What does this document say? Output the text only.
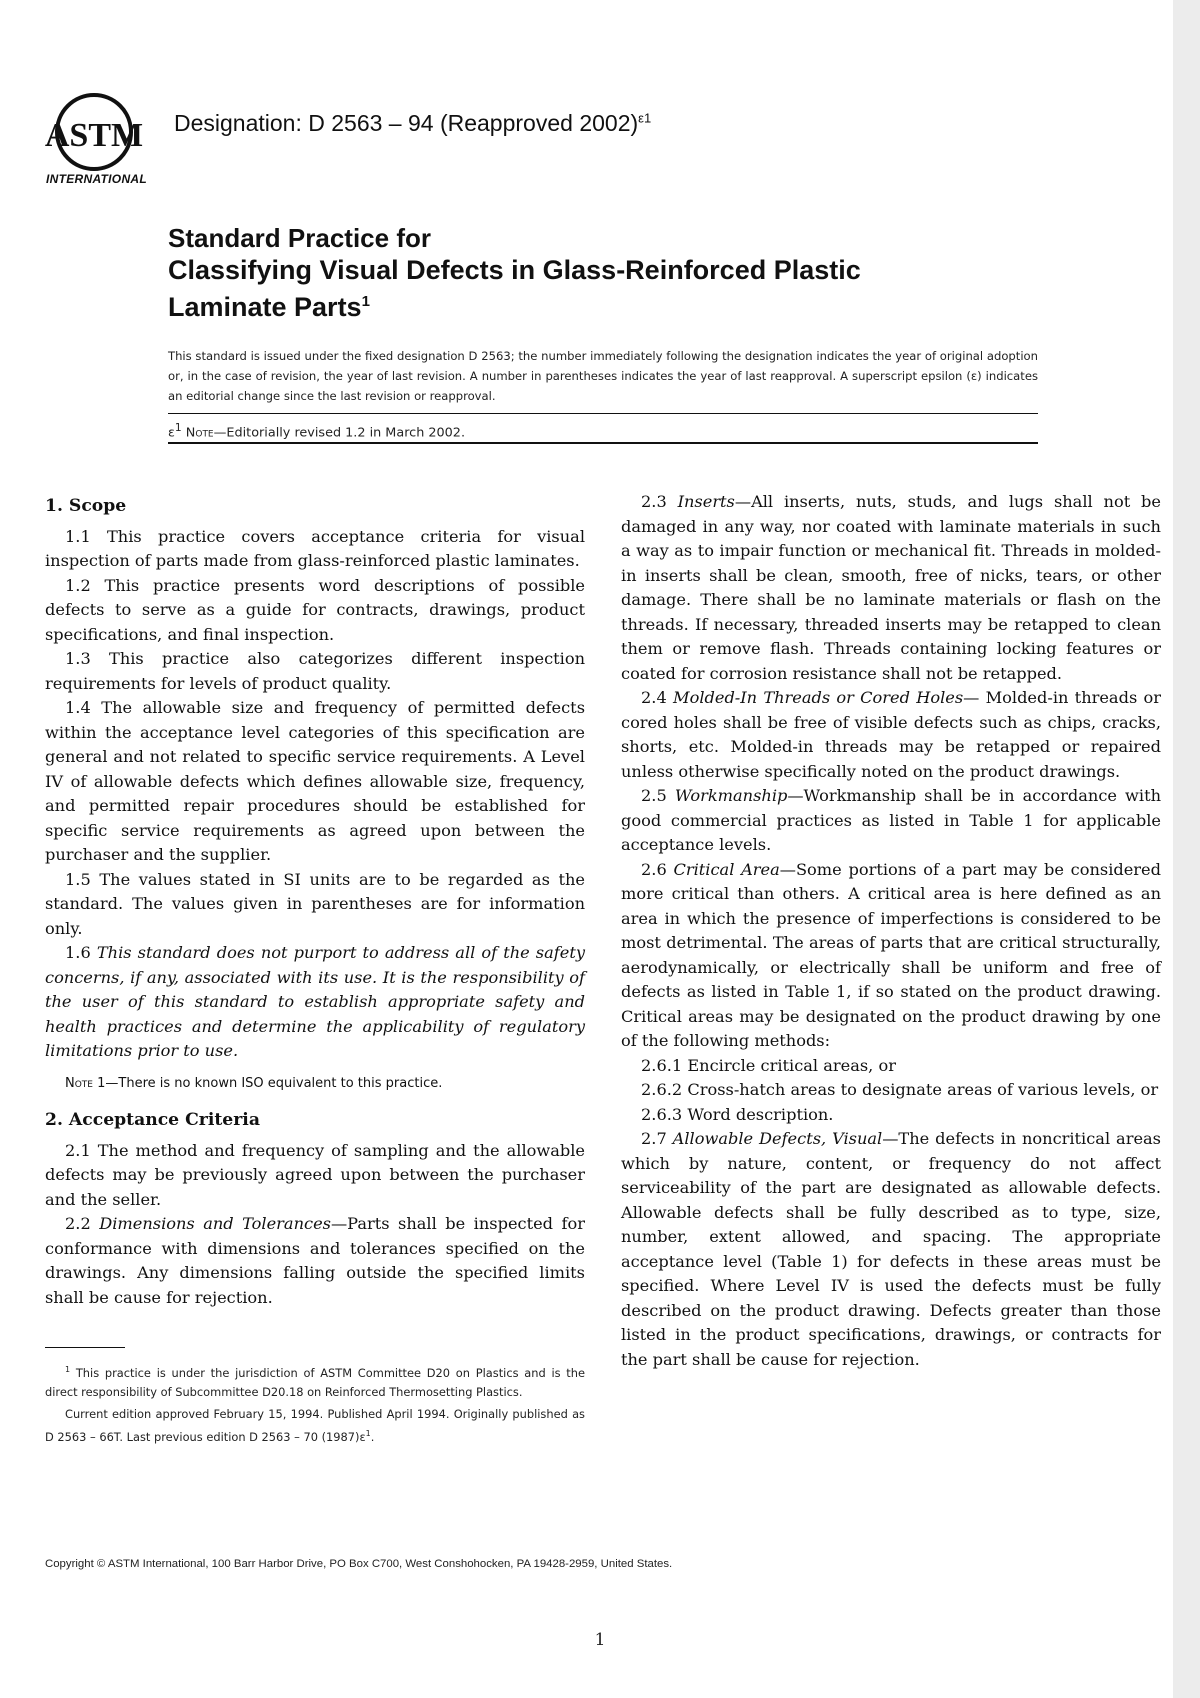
ASTM
INTERNATIONAL
Designation: D 2563 – 94 (Reapproved 2002)$^{\varepsilon 1}$
Standard Practice for
Classifying Visual Defects in Glass-Reinforced Plastic Laminate Parts$^1$
This standard is issued under the fixed designation D 2563; the number immediately following the designation indicates the year of original adoption or, in the case of revision, the year of last revision. A number in parentheses indicates the year of last reapproval. A superscript epsilon (ε) indicates an editorial change since the last revision or reapproval.
$\varepsilon^1$ Note—Editorially revised 1.2 in March 2002.
1. Scope

1.1 This practice covers acceptance criteria for visual inspection of parts made from glass-reinforced plastic laminates.

1.2 This practice presents word descriptions of possible defects to serve as a guide for contracts, drawings, product specifications, and final inspection.

1.3 This practice also categorizes different inspection requirements for levels of product quality.

1.4 The allowable size and frequency of permitted defects within the acceptance level categories of this specification are general and not related to specific service requirements. A Level IV of allowable defects which defines allowable size, frequency, and permitted repair procedures should be established for specific service requirements as agreed upon between the purchaser and the supplier.

1.5 The values stated in SI units are to be regarded as the standard. The values given in parentheses are for information only.

1.6 This standard does not purport to address all of the safety concerns, if any, associated with its use. It is the responsibility of the user of this standard to establish appropriate safety and health practices and determine the applicability of regulatory limitations prior to use.

Note 1—There is no known ISO equivalent to this practice.
2. Acceptance Criteria

2.1 The method and frequency of sampling and the allowable defects may be previously agreed upon between the purchaser and the seller.

2.2 Dimensions and Tolerances—Parts shall be inspected for conformance with dimensions and tolerances specified on the drawings. Any dimensions falling outside the specified limits shall be cause for rejection.

$^1$ This practice is under the jurisdiction of ASTM Committee D20 on Plastics and is the direct responsibility of Subcommittee D20.18 on Reinforced Thermosetting Plastics.

Current edition approved February 15, 1994. Published April 1994. Originally published as D 2563 – 66T. Last previous edition D 2563 – 70 $(1987)\varepsilon^1$.

2.3 Inserts—All inserts, nuts, studs, and lugs shall not be damaged in any way, nor coated with laminate materials in such a way as to impair function or mechanical fit. Threads in molded-in inserts shall be clean, smooth, free of nicks, tears, or other damage. There shall be no laminate materials or flash on the threads. If necessary, threaded inserts may be retapped to clean them or remove flash. Threads containing locking features or coated for corrosion resistance shall not be retapped.

2.4 Molded-In Threads or Cored Holes— Molded-in threads or cored holes shall be free of visible defects such as chips, cracks, shorts, etc. Molded-in threads may be retapped or repaired unless otherwise specifically noted on the product drawings.

2.5 Workmanship—Workmanship shall be in accordance with good commercial practices as listed in Table 1 for applicable acceptance levels.

2.6 Critical Area—Some portions of a part may be considered more critical than others. A critical area is here defined as an area in which the presence of imperfections is considered to be most detrimental. The areas of parts that are critical structurally, aerodynamically, or electrically shall be uniform and free of defects as listed in Table 1, if so stated on the product drawing. Critical areas may be designated on the product drawing by one of the following methods:

2.6.1 Encircle critical areas, or

2.6.2 Cross-hatch areas to designate areas of various levels, or

2.6.3 Word description.

2.7 Allowable Defects, Visual—The defects in noncritical areas which by nature, content, or frequency do not affect serviceability of the part are designated as allowable defects. Allowable defects shall be fully described as to type, size, number, extent allowed, and spacing. The appropriate acceptance level (Table 1) for defects in these areas must be specified. Where Level IV is used the defects must be fully described on the product drawing. Defects greater than those listed in the product specifications, drawings, or contracts for the part shall be cause for rejection.

Copyright © ASTM International, 100 Barr Harbor Drive, PO Box C700, West Conshohocken, PA 19428-2959, United States.
1
